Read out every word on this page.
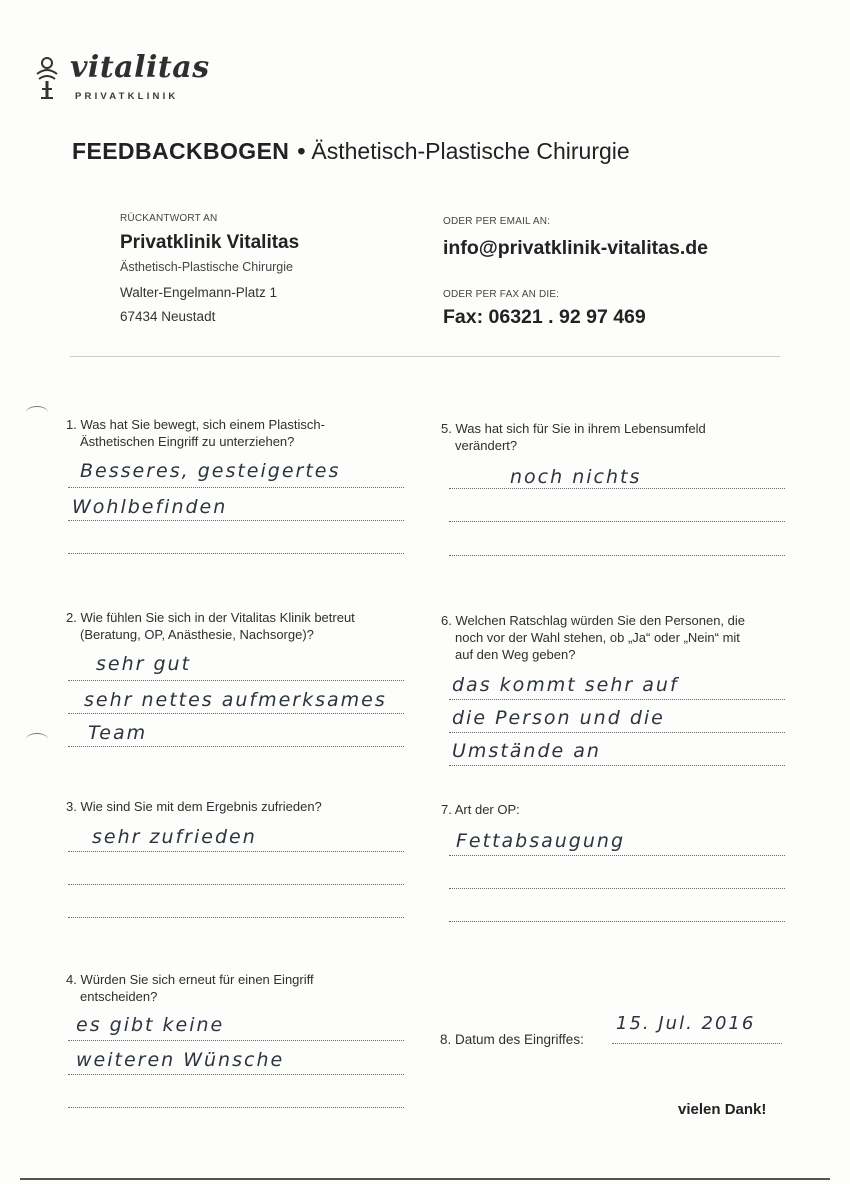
vitalitas
PRIVATKLINIK
FEEDBACKBOGEN • Ästhetisch-Plastische Chirurgie
RÜCKANTWORT AN
Privatklinik Vitalitas
Ästhetisch-Plastische Chirurgie
Walter-Engelmann-Platz 1
67434 Neustadt
ODER PER EMAIL AN:
info@privatklinik-vitalitas.de
ODER PER FAX AN DIE:
Fax: 06321 . 92 97 469
1. Was hat Sie bewegt, sich einem Plastisch-
Ästhetischen Eingriff zu unterziehen?
Besseres, gesteigertes
Wohlbefinden
5. Was hat sich für Sie in ihrem Lebensumfeld
verändert?
noch nichts
2. Wie fühlen Sie sich in der Vitalitas Klinik betreut
(Beratung, OP, Anästhesie, Nachsorge)?
sehr gut
sehr nettes aufmerksames
Team
6. Welchen Ratschlag würden Sie den Personen, die
noch vor der Wahl stehen, ob „Ja“ oder „Nein“ mit
auf den Weg geben?
das kommt sehr auf
die Person und die
Umstände an
3. Wie sind Sie mit dem Ergebnis zufrieden?
sehr zufrieden
7. Art der OP:
Fettabsaugung
4. Würden Sie sich erneut für einen Eingriff
entscheiden?
es gibt keine
weiteren Wünsche
8. Datum des Eingriffes:
15. Jul. 2016
vielen Dank!
